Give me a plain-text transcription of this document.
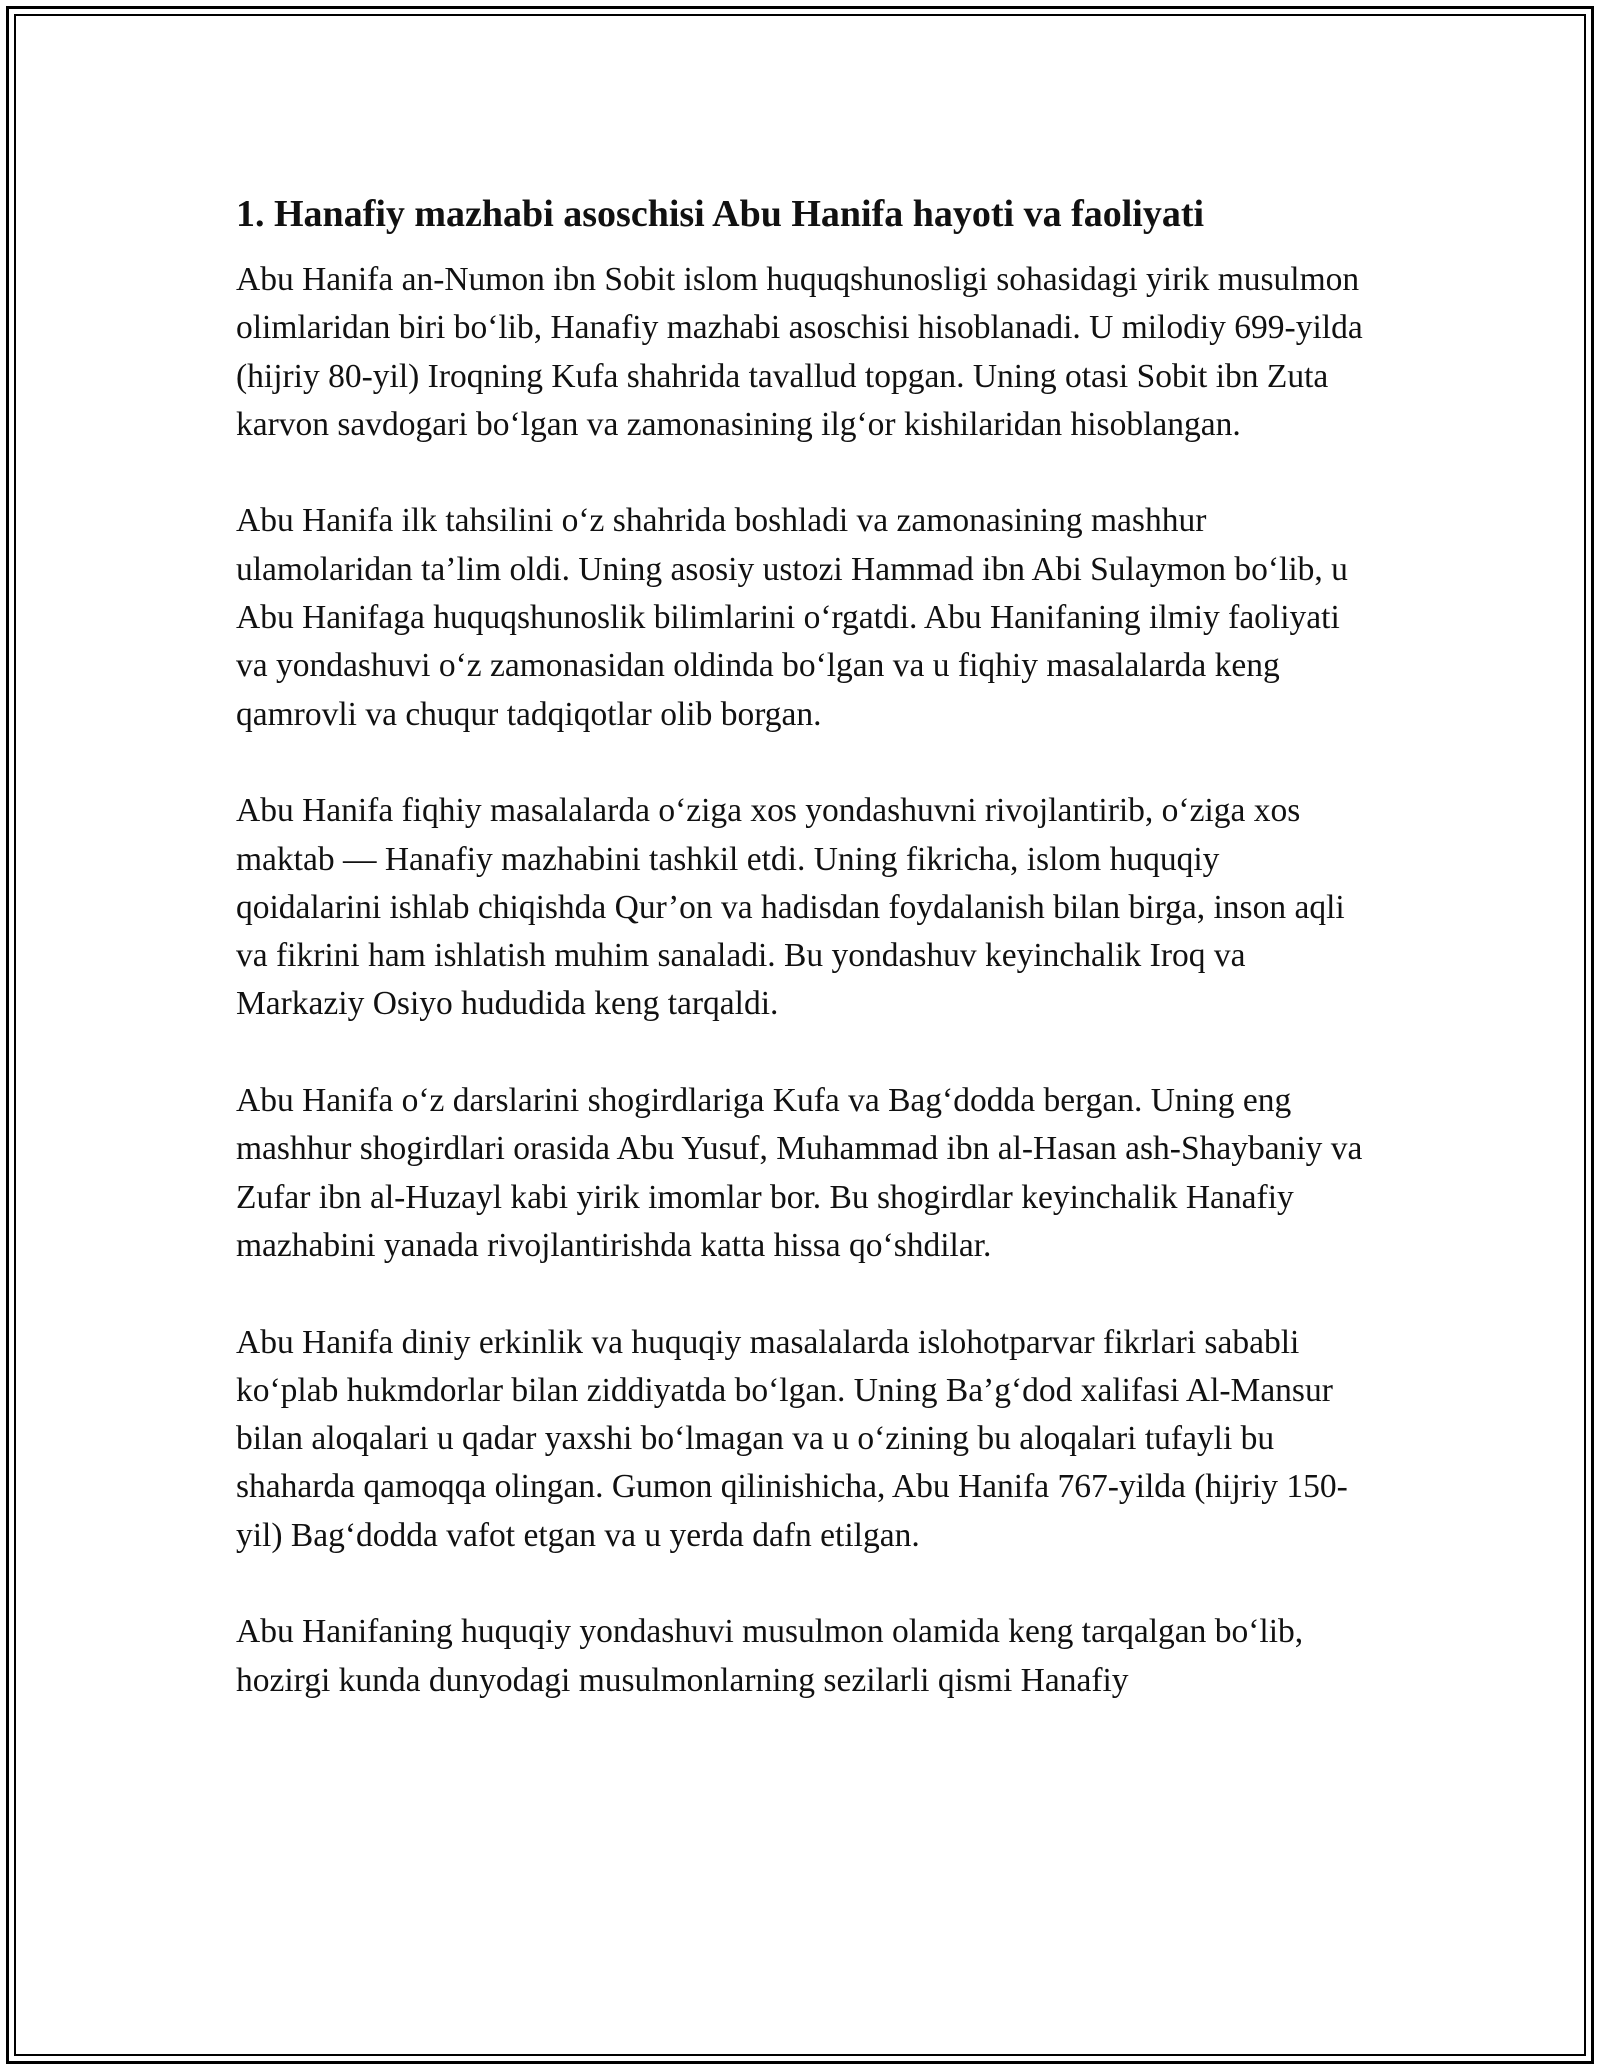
1. Hanafiy mazhabi asoschisi Abu Hanifa hayoti va faoliyati

Abu Hanifa an-Numon ibn Sobit islom huquqshunosligi sohasidagi yirik musulmon olimlaridan biri bo‘lib, Hanafiy mazhabi asoschisi hisoblanadi. U milodiy 699-yilda (hijriy 80-yil) Iroqning Kufa shahrida tavallud topgan. Uning otasi Sobit ibn Zuta karvon savdogari bo‘lgan va zamonasining ilg‘or kishilaridan hisoblangan.

Abu Hanifa ilk tahsilini o‘z shahrida boshladi va zamonasining mashhur ulamolaridan ta’lim oldi. Uning asosiy ustozi Hammad ibn Abi Sulaymon bo‘lib, u Abu Hanifaga huquqshunoslik bilimlarini o‘rgatdi. Abu Hanifaning ilmiy faoliyati va yondashuvi o‘z zamonasidan oldinda bo‘lgan va u fiqhiy masalalarda keng qamrovli va chuqur tadqiqotlar olib borgan.

Abu Hanifa fiqhiy masalalarda o‘ziga xos yondashuvni rivojlantirib, o‘ziga xos maktab — Hanafiy mazhabini tashkil etdi. Uning fikricha, islom huquqiy qoidalarini ishlab chiqishda Qur’on va hadisdan foydalanish bilan birga, inson aqli va fikrini ham ishlatish muhim sanaladi. Bu yondashuv keyinchalik Iroq va Markaziy Osiyo hududida keng tarqaldi.

Abu Hanifa o‘z darslarini shogirdlariga Kufa va Bag‘dodda bergan. Uning eng mashhur shogirdlari orasida Abu Yusuf, Muhammad ibn al-Hasan ash-Shaybaniy va Zufar ibn al-Huzayl kabi yirik imomlar bor. Bu shogirdlar keyinchalik Hanafiy mazhabini yanada rivojlantirishda katta hissa qo‘shdilar.

Abu Hanifa diniy erkinlik va huquqiy masalalarda islohotparvar fikrlari sababli ko‘plab hukmdorlar bilan ziddiyatda bo‘lgan. Uning Ba’g‘dod xalifasi Al-Mansur bilan aloqalari u qadar yaxshi bo‘lmagan va u o‘zining bu aloqalari tufayli bu shaharda qamoqqa olingan. Gumon qilinishicha, Abu Hanifa 767-yilda (hijriy 150-yil) Bag‘dodda vafot etgan va u yerda dafn etilgan.

Abu Hanifaning huquqiy yondashuvi musulmon olamida keng tarqalgan bo‘lib, hozirgi kunda dunyodagi musulmonlarning sezilarli qismi Hanafiy
